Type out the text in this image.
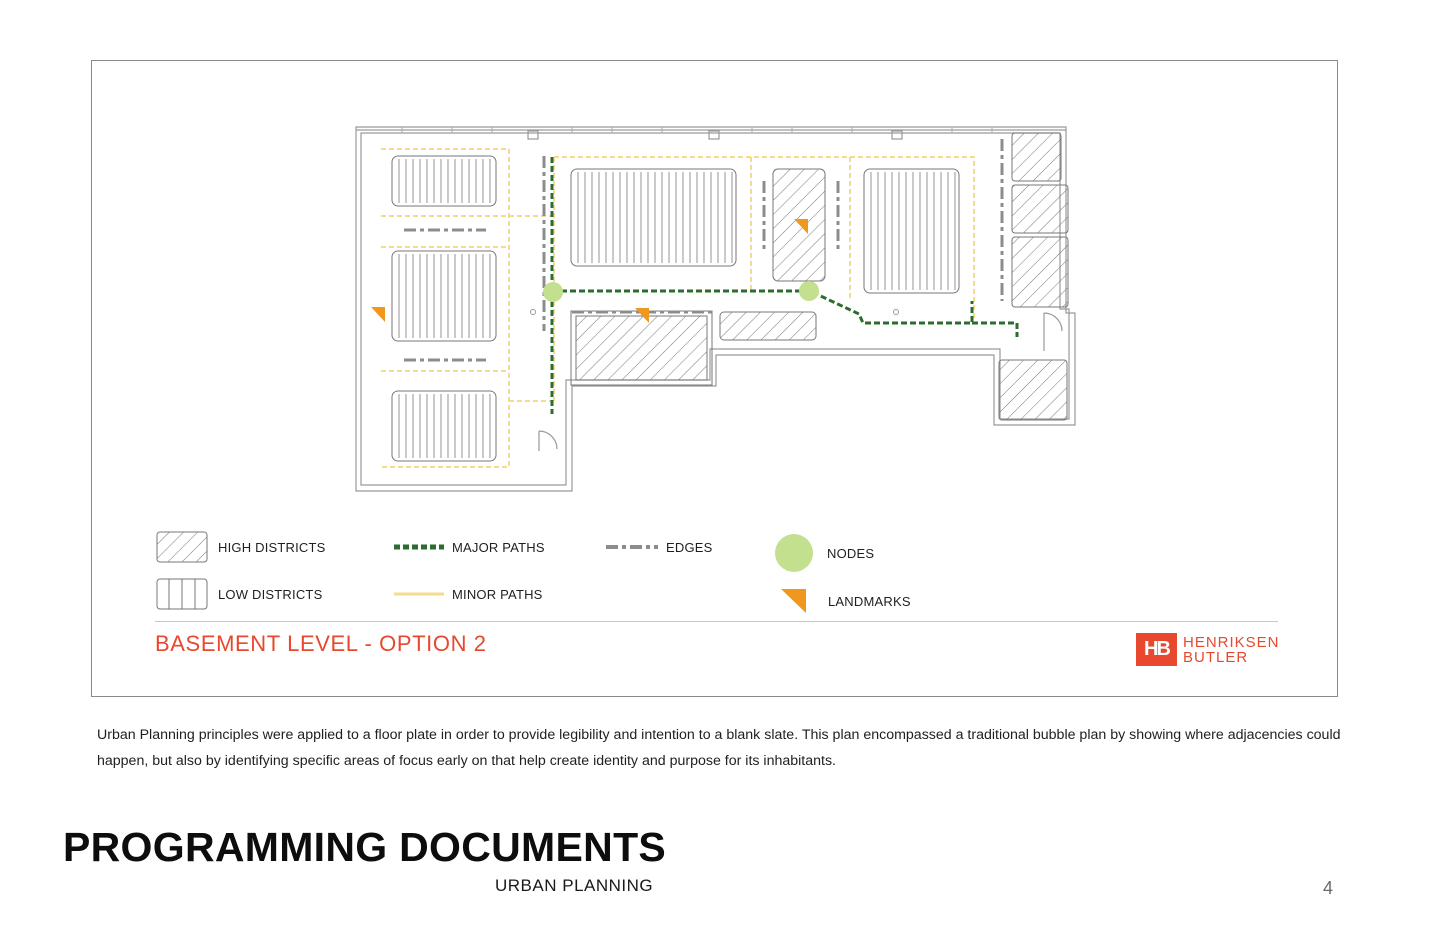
HIGH DISTRICTS
LOW DISTRICTS
MAJOR PATHS
MINOR PATHS
EDGES	NODES
LANDMARKS
BASEMENT LEVEL - OPTION 2	HB HENRIKSEN
BUTLER
Urban Planning principles were applied to a floor plate in order to provide legibility and intention to a blank slate. This plan encompassed a traditional bubble plan by showing where adjacencies could happen, but also by identifying specific areas of focus early on that help create identity and purpose for its inhabitants.
PROGRAMMING DOCUMENTS
URBAN PLANNING	4
